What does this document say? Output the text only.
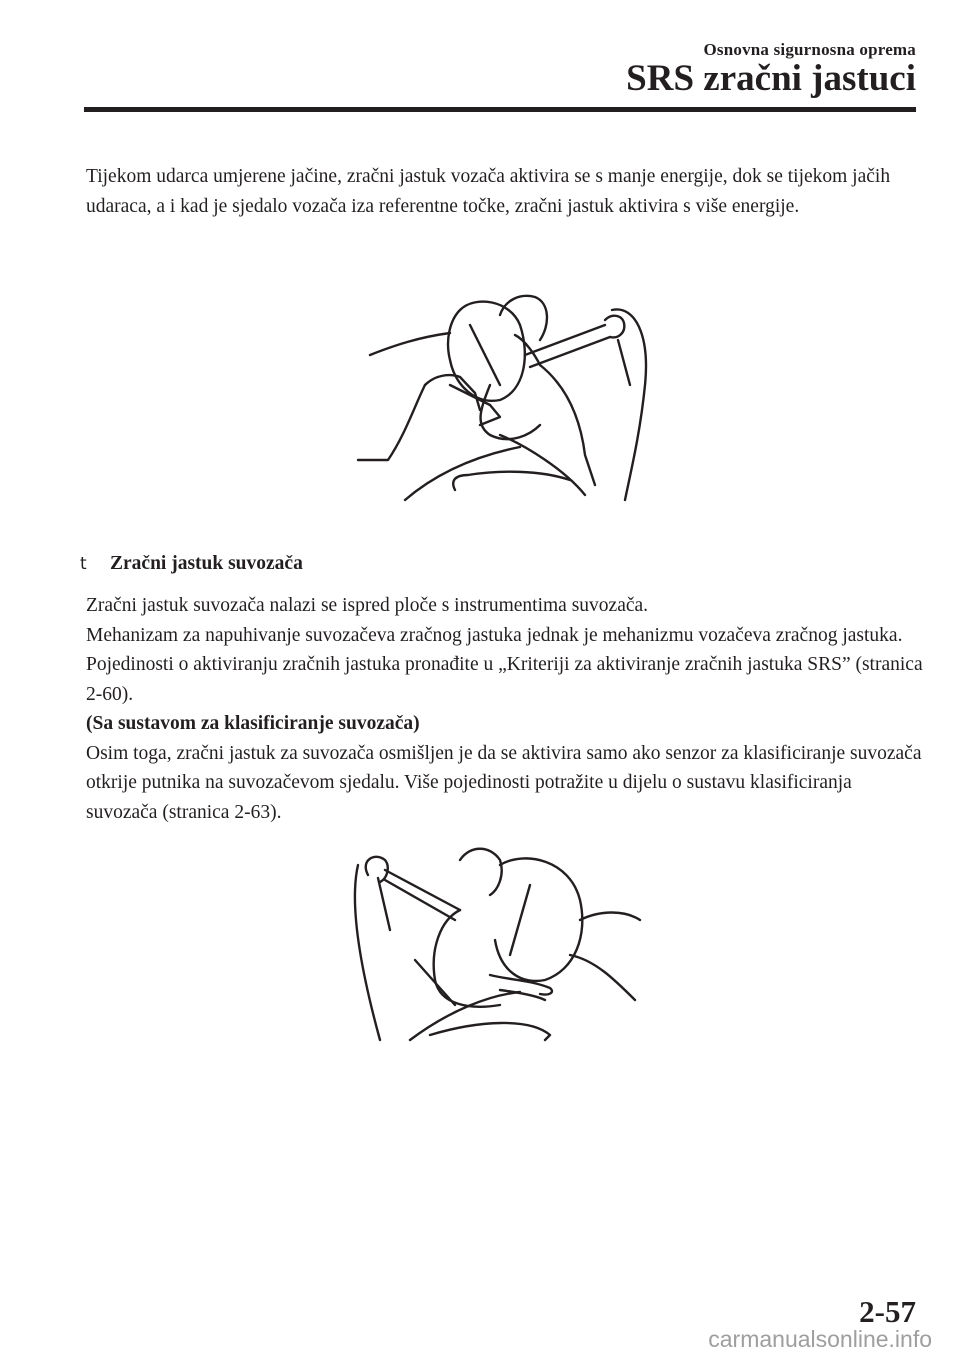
Osnovna sigurnosna oprema
SRS zračni jastuci
Tijekom udarca umjerene jačine, zračni jastuk vozača aktivira se s manje energije, dok se tijekom jačih udaraca, a i kad je sjedalo vozača iza referentne točke, zračni jastuk aktivira s više energije.
t	Zračni jastuk suvozača
Zračni jastuk suvozača nalazi se ispred ploče s instrumentima suvozača.
Mehanizam za napuhivanje suvozačeva zračnog jastuka jednak je mehanizmu vozačeva zračnog jastuka.
Pojedinosti o aktiviranju zračnih jastuka pronađite u „Kriteriji za aktiviranje zračnih jastuka SRS” (stranica 2-60).
(Sa sustavom za klasificiranje suvozača)
Osim toga, zračni jastuk za suvozača osmišljen je da se aktivira samo ako senzor za klasificiranje suvozača otkrije putnika na suvozačevom sjedalu. Više pojedinosti potražite u dijelu o sustavu klasificiranja suvozača (stranica 2-63).
2-57
carmanualsonline.info
